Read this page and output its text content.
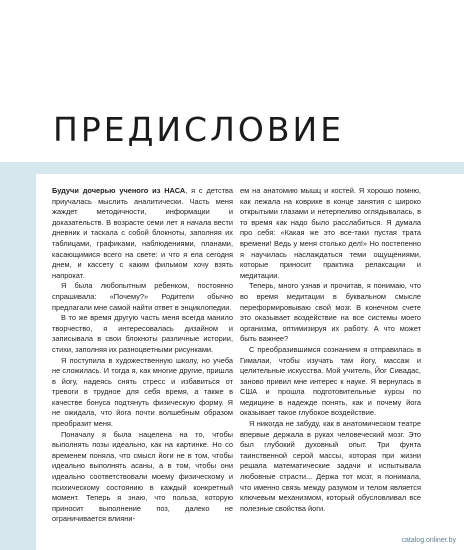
ПРЕДИСЛОВИЕ

Будучи дочерью ученого из НАСА, я с детства приучалась мыслить аналитически. Часть меня жаждет методичности, информации и доказательств. В возрасте семи лет я начала вести дневник и таскала с собой блокноты, заполняя их таблицами, графиками, наблюдениями, планами, касающимися всего на свете: и что я ела сегодня днем, и кассету с каким фильмом хочу взять напрокат.

Я была любопытным ребенком, постоянно спрашивала: «Почему?» Родители обычно предлагали мне самой найти ответ в энциклопедии.

В то же время другую часть меня всегда манило творчество, я интересовалась дизайном и записывала в свои блокноты различные истории, стихи, заполняя их разноцветными рисунками.

Я поступила в художественную школу, но учеба не сложилась. И тогда я, как многие другие, пришла в йогу, надеясь снять стресс и избавиться от тревоги в трудное для себя время, а также в качестве бонуса подтянуть физическую форму. Я не ожидала, что йога почти волшебным образом преобразит меня.

Поначалу я была нацелена на то, чтобы выполнять позы идеально, как на картинке. Но со временем поняла, что смысл йоги не в том, чтобы идеально выполнять асаны, а в том, чтобы они идеально соответствовали моему физическому и психическому состоянию в каждый конкретный момент. Теперь я знаю, что польза, которую приносит выполнение поз, далеко не ограничивается влияни-

ем на анатомию мышц и костей. Я хорошо помню, как лежала на коврике в конце занятия с широко открытыми глазами и нетерпеливо оглядывалась, в то время как надо было расслабиться. Я думала про себя: «Какая же это все-таки пустая трата времени! Ведь у меня столько дел!» Но постепенно я научилась наслаждаться теми ощущениями, которые приносит практика релаксации и медитации.

Теперь, много узнав и прочитав, я понимаю, что во время медитации в буквальном смысле переформировываю свой мозг. В конечном счете это оказывает воздействие на все системы моего организма, оптимизируя их работу. А что может быть важнее?

С преобразившимся сознанием я отправилась в Гималаи, чтобы изучать там йогу, массаж и целительные искусства. Мой учитель, Йог Сивадас, заново привил мне интерес к науке. Я вернулась в США и прошла подготовительные курсы по медицине в надежде понять, как и почему йога оказывает такое глубокое воздействие.

Я никогда не забуду, как в анатомическом театре впервые держала в руках человеческий мозг. Это был глубокий духовный опыт. Три фунта таинственной серой массы, которая при жизни решала математические задачи и испытывала любовные страсти... Держа тот мозг, я понимала, что именно связь между разумом и телом является ключевым механизмом, который обусловливал все полезные свойства йоги.

catalog.onliner.by
